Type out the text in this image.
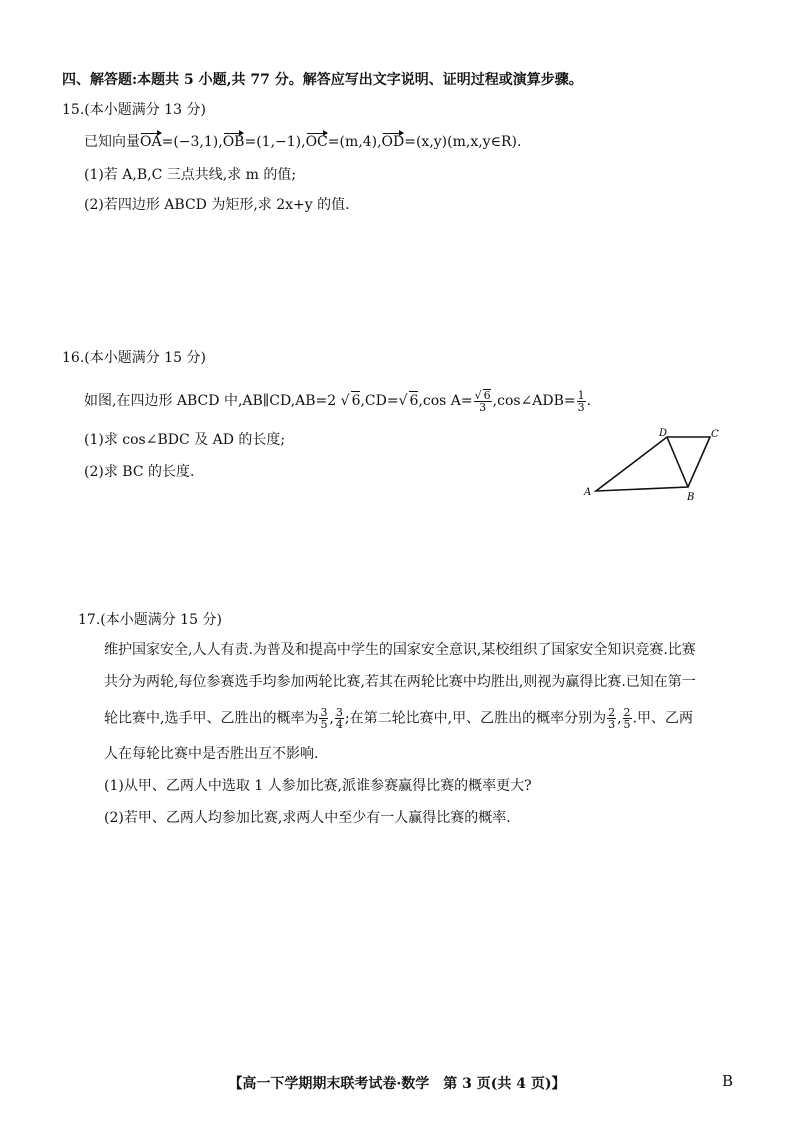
四、解答题:本题共 5 小题,共 77 分。解答应写出文字说明、证明过程或演算步骤。
15.(本小题满分 13 分)
已知向量OA=(−3,1),OB=(1,−1),OC=(m,4),OD=(x,y)(m,x,y∈R).
(1)若 A,B,C 三点共线,求 m 的值;
(2)若四边形 ABCD 为矩形,求 2x+y 的值.
16.(本小题满分 15 分)
如图,在四边形 ABCD 中,AB∥CD,AB=2 √ 6,CD=√ 6,cos $A= \frac{√ 6}{3}$ ,cos∠ADB= $\frac{1}{3}$ .
(1)求 cos∠BDC 及 AD 的长度;
(2)求 BC 的长度.
A	B
C
D
17.(本小题满分 15 分)
维护国家安全,人人有责.为普及和提高中学生的国家安全意识,某校组织了国家安全知识竞赛.比赛
共分为两轮,每位参赛选手均参加两轮比赛,若其在两轮比赛中均胜出,则视为赢得比赛.已知在第一
轮比赛中,选手甲、乙胜出的概率为 $\frac{3}{5}$ , $\frac{3}{4}$ ;在第二轮比赛中,甲、乙胜出的概率分别为 $\frac{2}{3}$ , $\frac{2}{5}$ .甲、乙两
人在每轮比赛中是否胜出互不影响.
(1)从甲、乙两人中选取 1 人参加比赛,派谁参赛赢得比赛的概率更大?
(2)若甲、乙两人均参加比赛,求两人中至少有一人赢得比赛的概率.
【高一下学期期末联考试卷·数学　第 3 页(共 4 页)】	B
